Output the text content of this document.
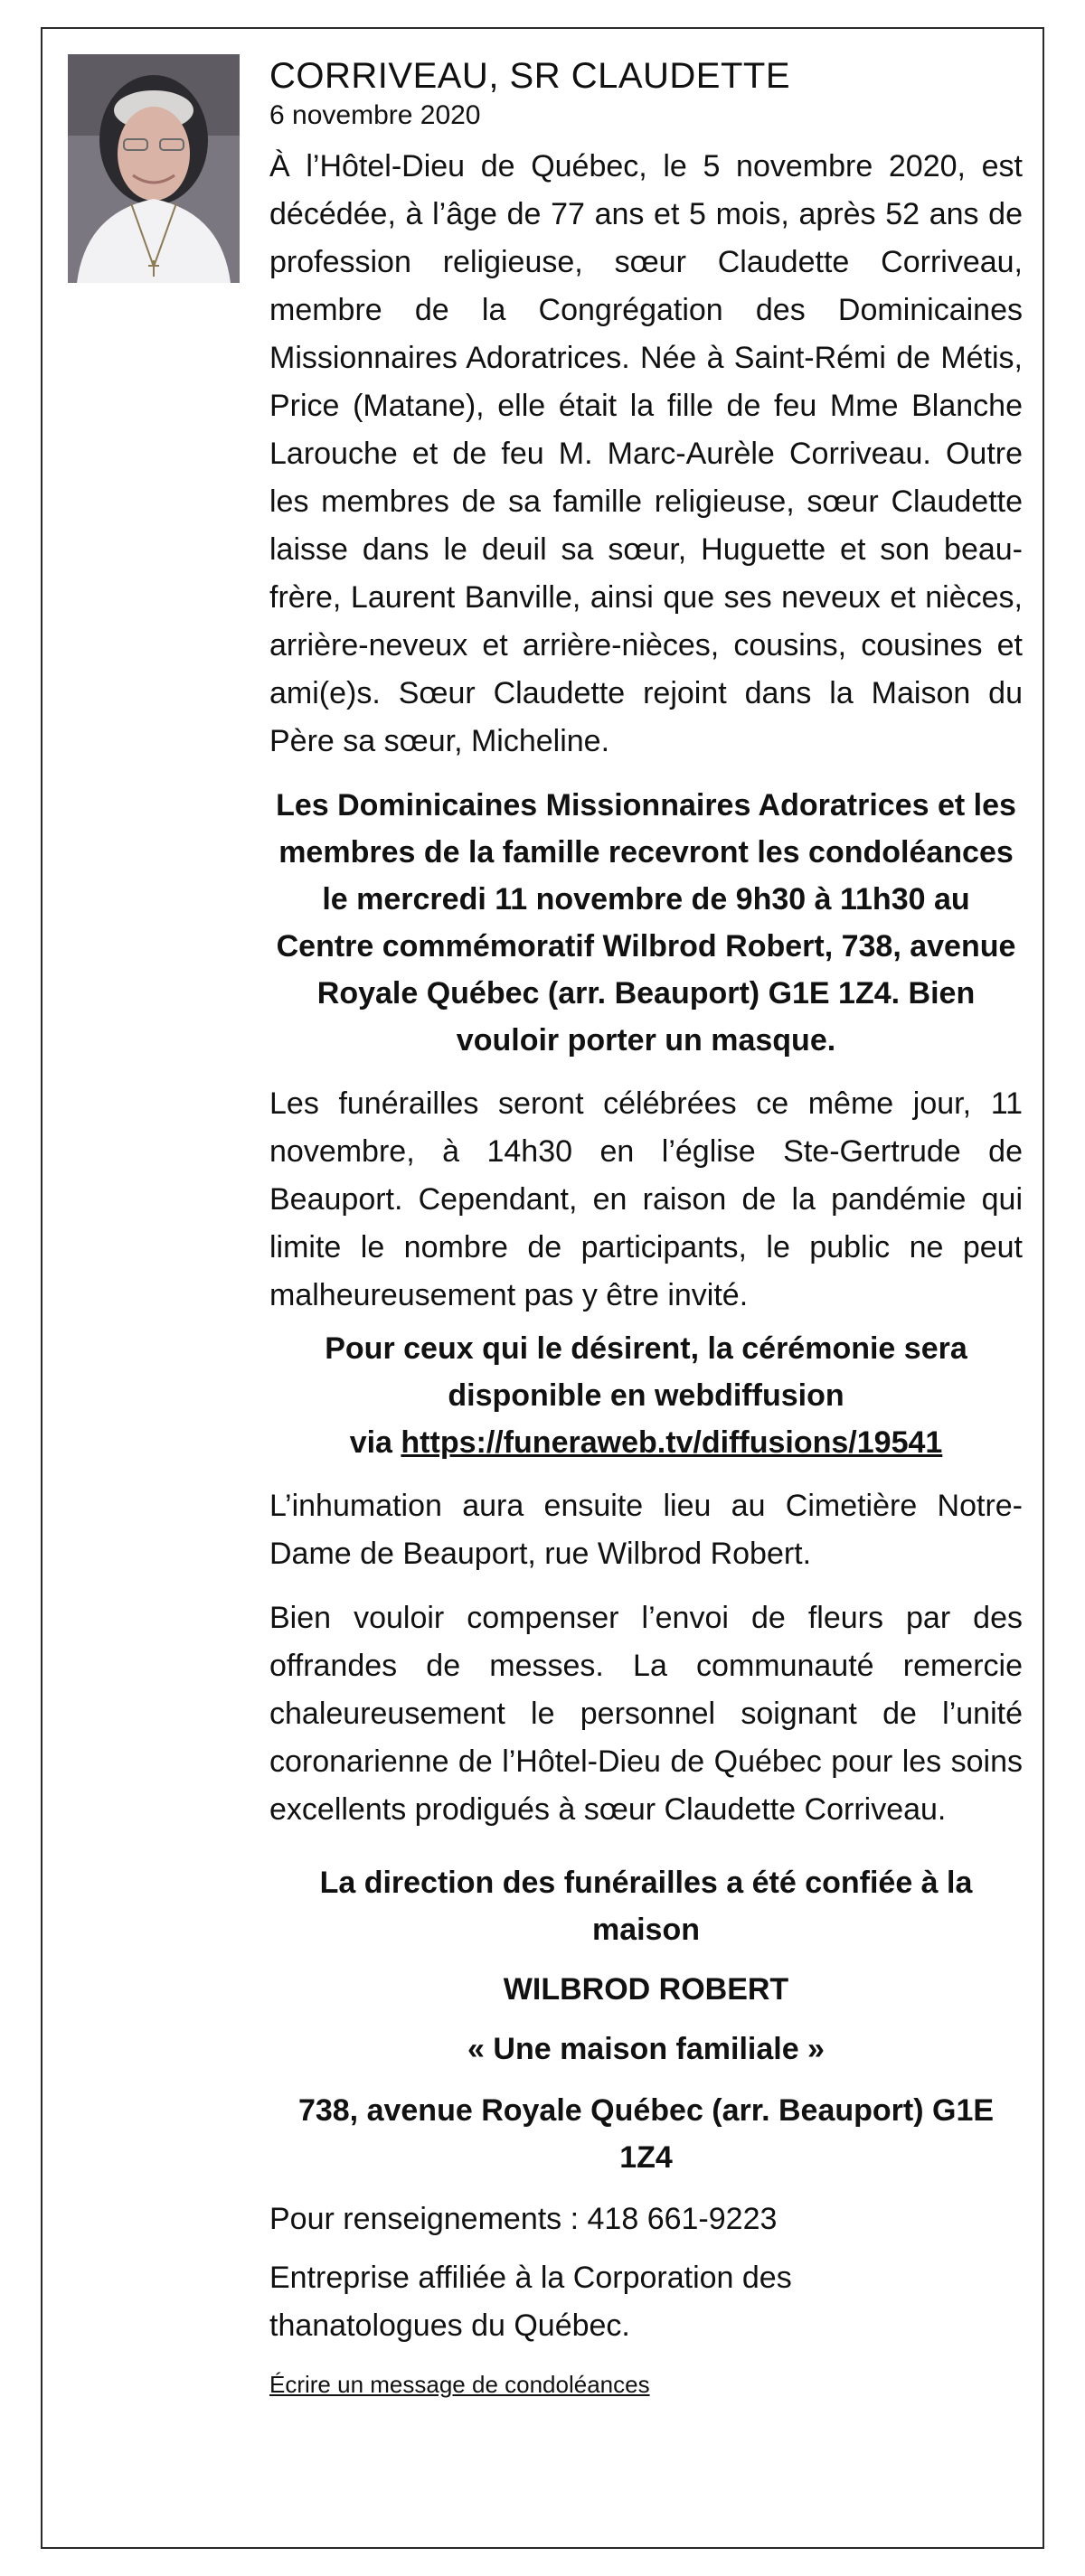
CORRIVEAU, SR CLAUDETTE
6 novembre 2020

À l’Hôtel-Dieu de Québec, le 5 novembre 2020, est décédée, à l’âge de 77 ans et 5 mois, après 52 ans de profession religieuse, sœur Claudette Corriveau, membre de la Congrégation des Dominicaines Missionnaires Adoratrices. Née à Saint-Rémi de Métis, Price (Matane), elle était la fille de feu Mme Blanche Larouche et de feu M. Marc-Aurèle Corriveau. Outre les membres de sa famille religieuse, sœur Claudette laisse dans le deuil sa sœur, Huguette et son beau-frère, Laurent Banville, ainsi que ses neveux et nièces, arrière-neveux et arrière-nièces, cousins, cousines et ami(e)s. Sœur Claudette rejoint dans la Maison du Père sa sœur, Micheline.

Les Dominicaines Missionnaires Adoratrices et les membres de la famille recevront les condoléances le mercredi 11 novembre de 9h30 à 11h30 au Centre commémoratif Wilbrod Robert, 738, avenue Royale Québec (arr. Beauport) G1E 1Z4. Bien vouloir porter un masque.

Les funérailles seront célébrées ce même jour, 11 novembre, à 14h30 en l’église Ste-Gertrude de Beauport. Cependant, en raison de la pandémie qui limite le nombre de participants, le public ne peut malheureusement pas y être invité.

Pour ceux qui le désirent, la cérémonie sera disponible en webdiffusion
via https://funeraweb.tv/diffusions/19541

L’inhumation aura ensuite lieu au Cimetière Notre-Dame de Beauport, rue Wilbrod Robert.

Bien vouloir compenser l’envoi de fleurs par des offrandes de messes. La communauté remercie chaleureusement le personnel soignant de l’unité coronarienne de l’Hôtel-Dieu de Québec pour les soins excellents prodigués à sœur Claudette Corriveau.

La direction des funérailles a été confiée à la maison

WILBROD ROBERT

« Une maison familiale »

738, avenue Royale Québec (arr. Beauport) G1E 1Z4

Pour renseignements : 418 661-9223

Entreprise affiliée à la Corporation des thanatologues du Québec.

Écrire un message de condoléances
